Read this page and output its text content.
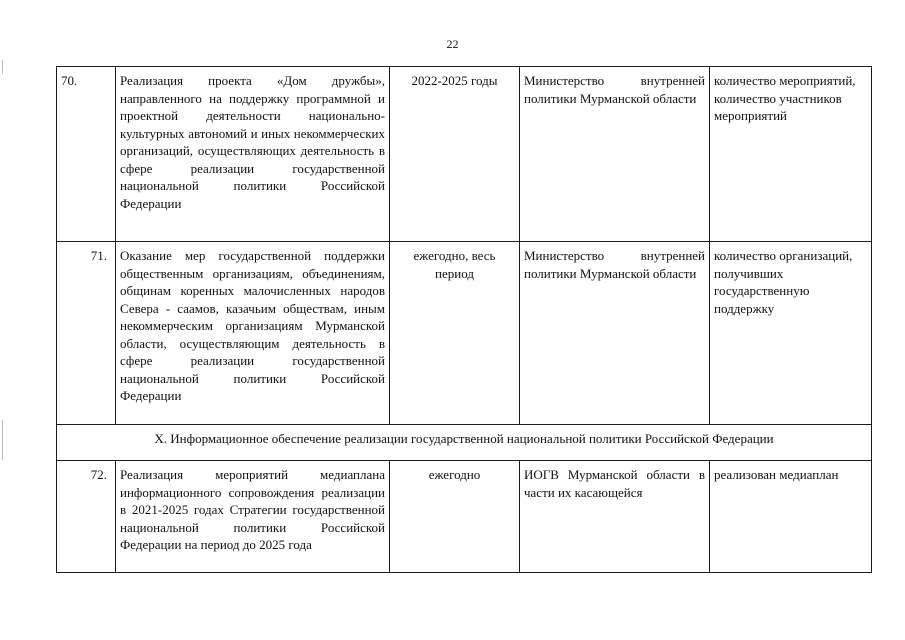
22
70.	Реализация проекта «Дом дружбы», направленного на поддержку программной и проектной деятельности национально-культурных автономий и иных некоммерческих организаций, осуществляющих деятельность в сфере реализации государственной национальной политики Российской Федерации	2022-2025 годы	Министерство внутренней политики Мурманской области	количество мероприятий, количество участников мероприятий
71.	Оказание мер государственной поддержки общественным организациям, объединениям, общинам коренных малочисленных народов Севера - саамов, казачьим обществам, иным некоммерческим организациям Мурманской области, осуществляющим деятельность в сфере реализации государственной национальной политики Российской Федерации	ежегодно, весь период	Министерство внутренней политики Мурманской области	количество организаций, получивших государственную поддержку
X. Информационное обеспечение реализации государственной национальной политики Российской Федерации				
72.	Реализация мероприятий медиаплана информационного сопровождения реализации в 2021-2025 годах Стратегии государственной национальной политики Российской Федерации на период до 2025 года	ежегодно	ИОГВ Мурманской области в части их касающейся	реализован медиаплан
